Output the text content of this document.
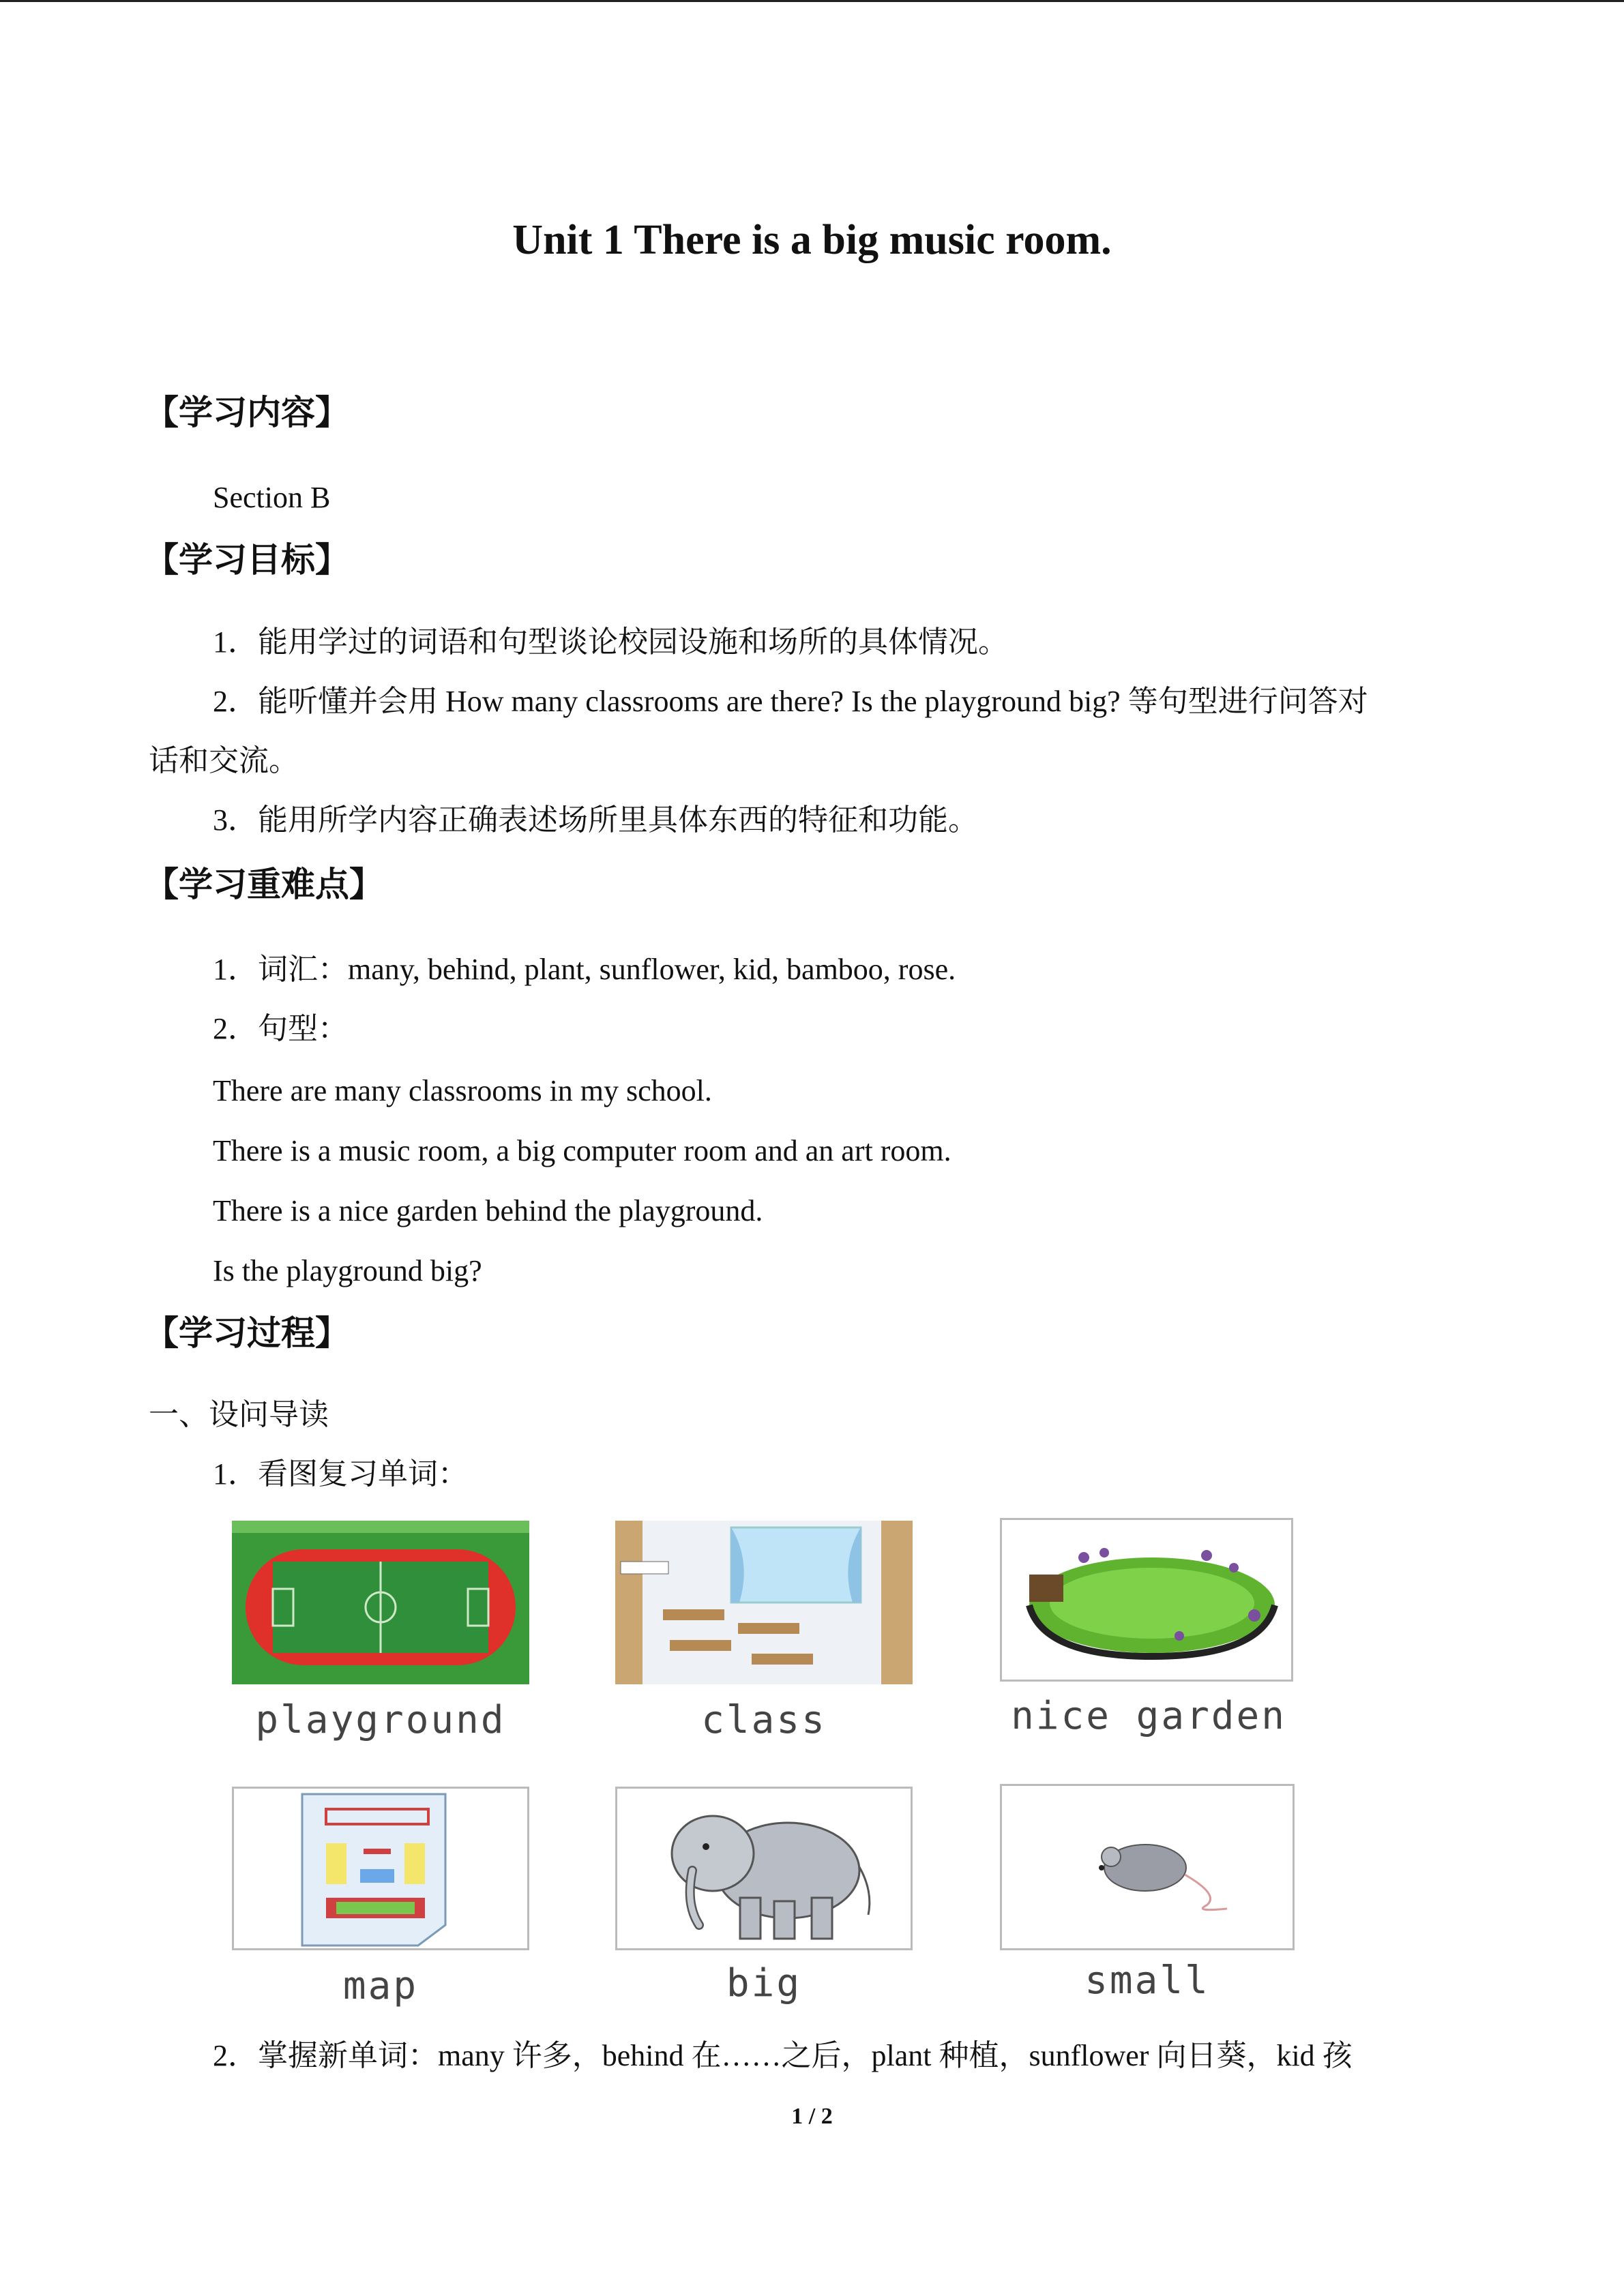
Unit 1 There is a big music room.
【学习内容】
Section B
【学习目标】
1．能用学过的词语和句型谈论校园设施和场所的具体情况。
2．能听懂并会用 How many classrooms are there? Is the playground big? 等句型进行问答对
话和交流。
3．能用所学内容正确表述场所里具体东西的特征和功能。
【学习重难点】
1．词汇：many, behind, plant, sunflower, kid, bamboo, rose.
2．句型：
There are many classrooms in my school.
There is a music room, a big computer room and an art room.
There is a nice garden behind the playground.
Is the playground big?
【学习过程】
一、设问导读
1．看图复习单词：
playground	class	nice garden
map	big	small
2．掌握新单词：many 许多，behind 在……之后，plant 种植，sunflower 向日葵，kid 孩
1 / 2
